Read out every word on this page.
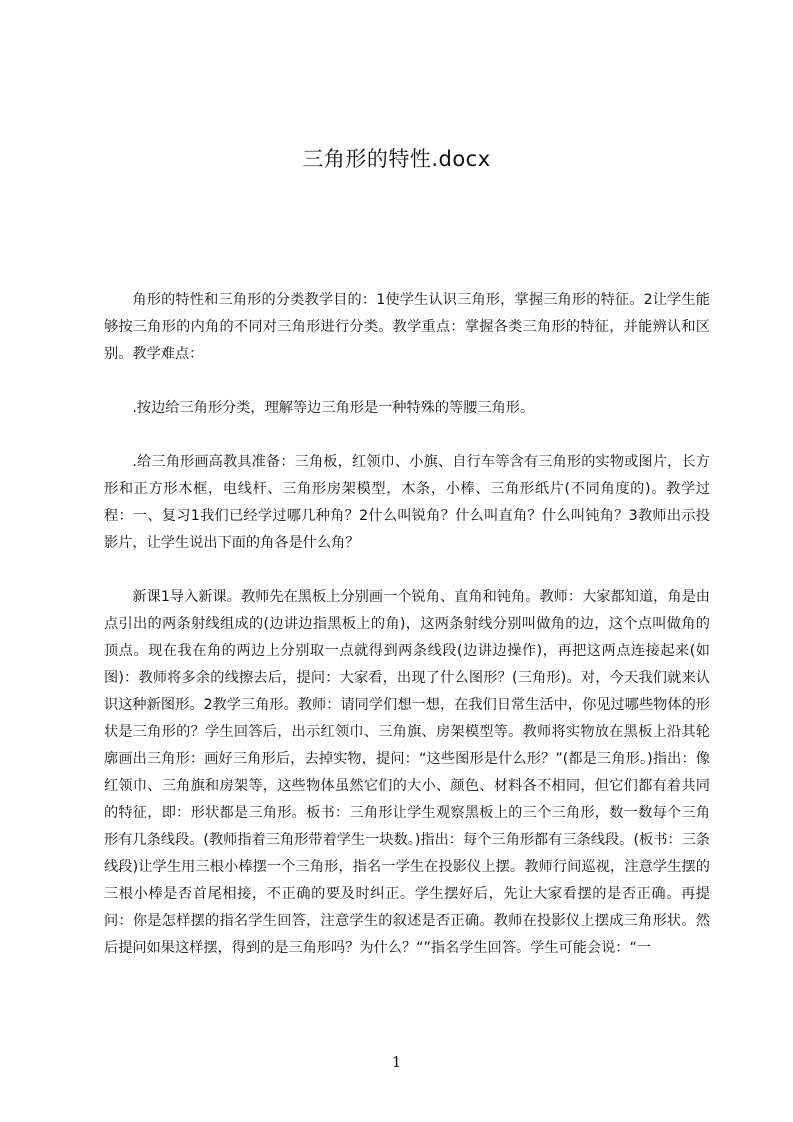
三角形的特性.docx

角形的特性和三角形的分类教学目的：1使学生认识三角形，掌握三角形的特征。2让学生能够按三角形的内角的不同对三角形进行分类。教学重点：掌握各类三角形的特征，并能辨认和区别。教学难点：

.按边给三角形分类，理解等边三角形是一种特殊的等腰三角形。

.给三角形画高教具准备：三角板，红领巾、小旗、自行车等含有三角形的实物或图片，长方形和正方形木框，电线杆、三角形房架模型，木条，小棒、三角形纸片(不同角度的)。教学过程：一、复习1我们已经学过哪几种角？2什么叫锐角？什么叫直角？什么叫钝角？3教师出示投影片，让学生说出下面的角各是什么角？

新课1导入新课。教师先在黑板上分别画一个锐角、直角和钝角。教师：大家都知道，角是由点引出的两条射线组成的(边讲边指黑板上的角)，这两条射线分别叫做角的边，这个点叫做角的顶点。现在我在角的两边上分别取一点就得到两条线段(边讲边操作)，再把这两点连接起来(如图)：教师将多余的线擦去后，提问：大家看，出现了什么图形？(三角形)。对，今天我们就来认识这种新图形。2教学三角形。教师：请同学们想一想，在我们日常生活中，你见过哪些物体的形状是三角形的？学生回答后，出示红领巾、三角旗、房架模型等。教师将实物放在黑板上沿其轮廓画出三角形：画好三角形后，去掉实物，提问：“这些图形是什么形？”(都是三角形。)指出：像红领巾、三角旗和房架等，这些物体虽然它们的大小、颜色、材料各不相同，但它们都有着共同的特征，即：形状都是三角形。板书：三角形让学生观察黑板上的三个三角形，数一数每个三角形有几条线段。(教师指着三角形带着学生一块数。)指出：每个三角形都有三条线段。(板书：三条线段)让学生用三根小棒摆一个三角形，指名一学生在投影仪上摆。教师行间巡视，注意学生摆的三根小棒是否首尾相接，不正确的要及时纠正。学生摆好后，先让大家看摆的是否正确。再提问：你是怎样摆的指名学生回答，注意学生的叙述是否正确。教师在投影仪上摆成三角形状。然后提问如果这样摆，得到的是三角形吗？为什么？“”指名学生回答。学生可能会说：“一

1
